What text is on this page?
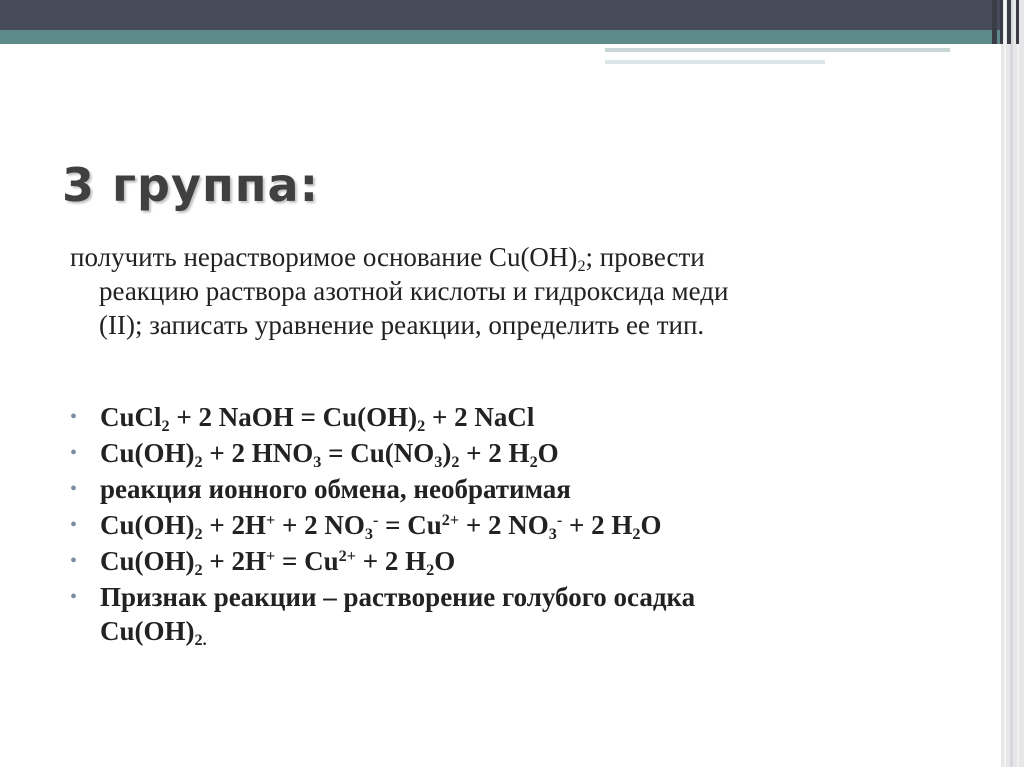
3 группа:
получить нерастворимое основание $Cu(OH)_2$; провести
реакцию раствора азотной кислоты и гидроксида меди
(II); записать уравнение реакции, определить ее тип.
• CuCl$_2$ + 2 NaOH = $Cu(OH)_2 + 2$ NaCl
• $Cu(OH)_2 + 2$ $HNO_3 = Cu(NO_3)_2 + 2$ $H_2O$
• реакция ионного обмена, необратимая
• $Cu(OH)_2 + 2H^+ + 2$ $NO_3^- = Cu^{2+} + 2$ $NO_3^- + 2$ $H_2O$
• $Cu(OH)_2 + 2H^+ = Cu^{2+} + 2$ $H_2O$
• Признак реакции – растворение голубого осадка
$Cu(OH)_{2.}$
